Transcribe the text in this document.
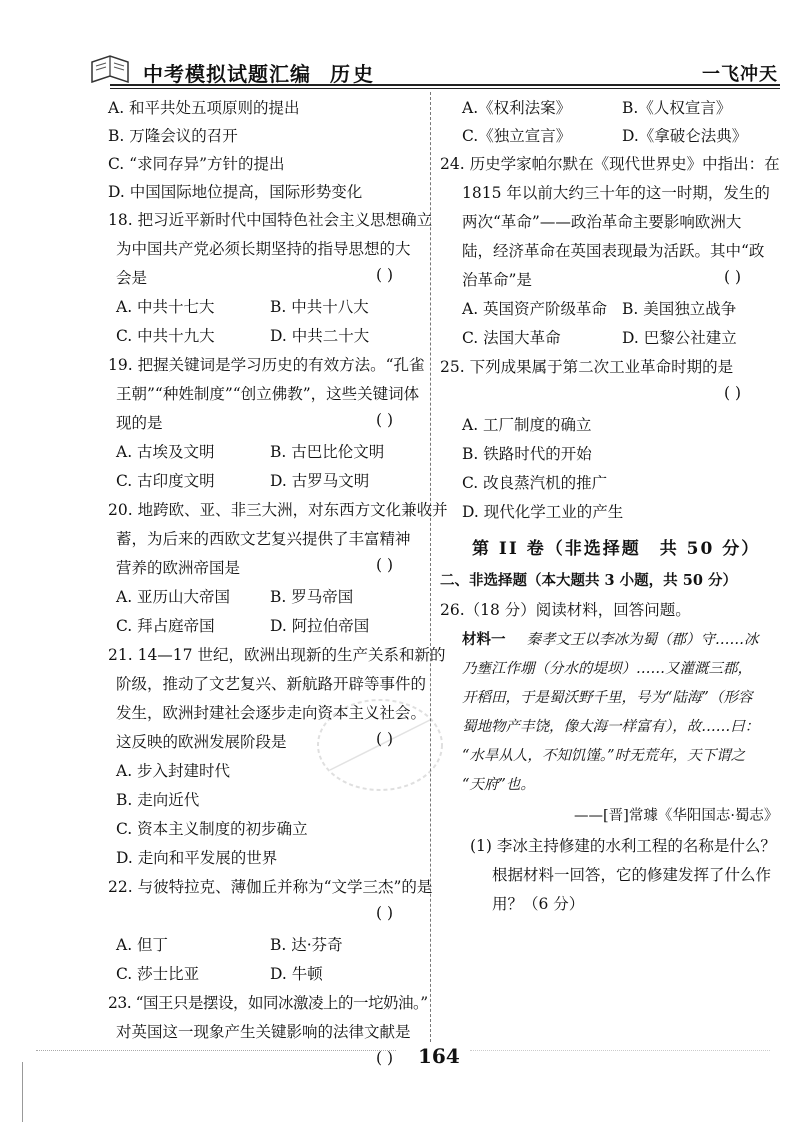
中考模拟试题汇编 历史	一飞冲天
A. 和平共处五项原则的提出
B. 万隆会议的召开
C. “求同存异”方针的提出
D. 中国国际地位提高，国际形势变化
18. 把习近平新时代中国特色社会主义思想确立
为中国共产党必须长期坚持的指导思想的大
会是	( )
A. 中共十七大	B. 中共十八大
C. 中共十九大	D. 中共二十大
19. 把握关键词是学习历史的有效方法。“孔雀
王朝”“种姓制度”“创立佛教”，这些关键词体
现的是	( )
A. 古埃及文明	B. 古巴比伦文明
C. 古印度文明	D. 古罗马文明
20. 地跨欧、亚、非三大洲，对东西方文化兼收并
蓄，为后来的西欧文艺复兴提供了丰富精神
营养的欧洲帝国是	( )
A. 亚历山大帝国	B. 罗马帝国
C. 拜占庭帝国	D. 阿拉伯帝国
21. 14—17 世纪，欧洲出现新的生产关系和新的
阶级，推动了文艺复兴、新航路开辟等事件的
发生，欧洲封建社会逐步走向资本主义社会。
这反映的欧洲发展阶段是	( )
A. 步入封建时代
B. 走向近代
C. 资本主义制度的初步确立
D. 走向和平发展的世界
22. 与彼特拉克、薄伽丘并称为“文学三杰”的是
( )
A. 但丁	B. 达·芬奇
C. 莎士比亚	D. 牛顿
23. “国王只是摆设，如同冰激凌上的一坨奶油。”
对英国这一现象产生关键影响的法律文献是
( )
A.《权利法案》	B.《人权宣言》
C.《独立宣言》	D.《拿破仑法典》
24. 历史学家帕尔默在《现代世界史》中指出：在
1815 年以前大约三十年的这一时期，发生的
两次“革命”——政治革命主要影响欧洲大
陆，经济革命在英国表现最为活跃。其中“政
治革命”是	( )
A. 英国资产阶级革命 B. 美国独立战争
C. 法国大革命	D. 巴黎公社建立
25. 下列成果属于第二次工业革命时期的是
( )
A. 工厂制度的确立
B. 铁路时代的开始
C. 改良蒸汽机的推广
D. 现代化学工业的产生
第 II 卷（非选择题　共 50 分）
二、非选择题（本大题共 3 小题，共 50 分）
26.（18 分）阅读材料，回答问题。
材料一 　秦孝文王以李冰为蜀（郡）守……冰
乃壅江作堋（分水的堤坝）……又灌溉三郡，
开稻田，于是蜀沃野千里，号为“陆海”（形容
蜀地物产丰饶，像大海一样富有），故……曰：
“水旱从人，不知饥馑。”时无荒年，天下谓之
“天府”也。
——[晋]常璩《华阳国志·蜀志》
(1) 李冰主持修建的水利工程的名称是什么？
根据材料一回答，它的修建发挥了什么作
用？（6 分）
164
